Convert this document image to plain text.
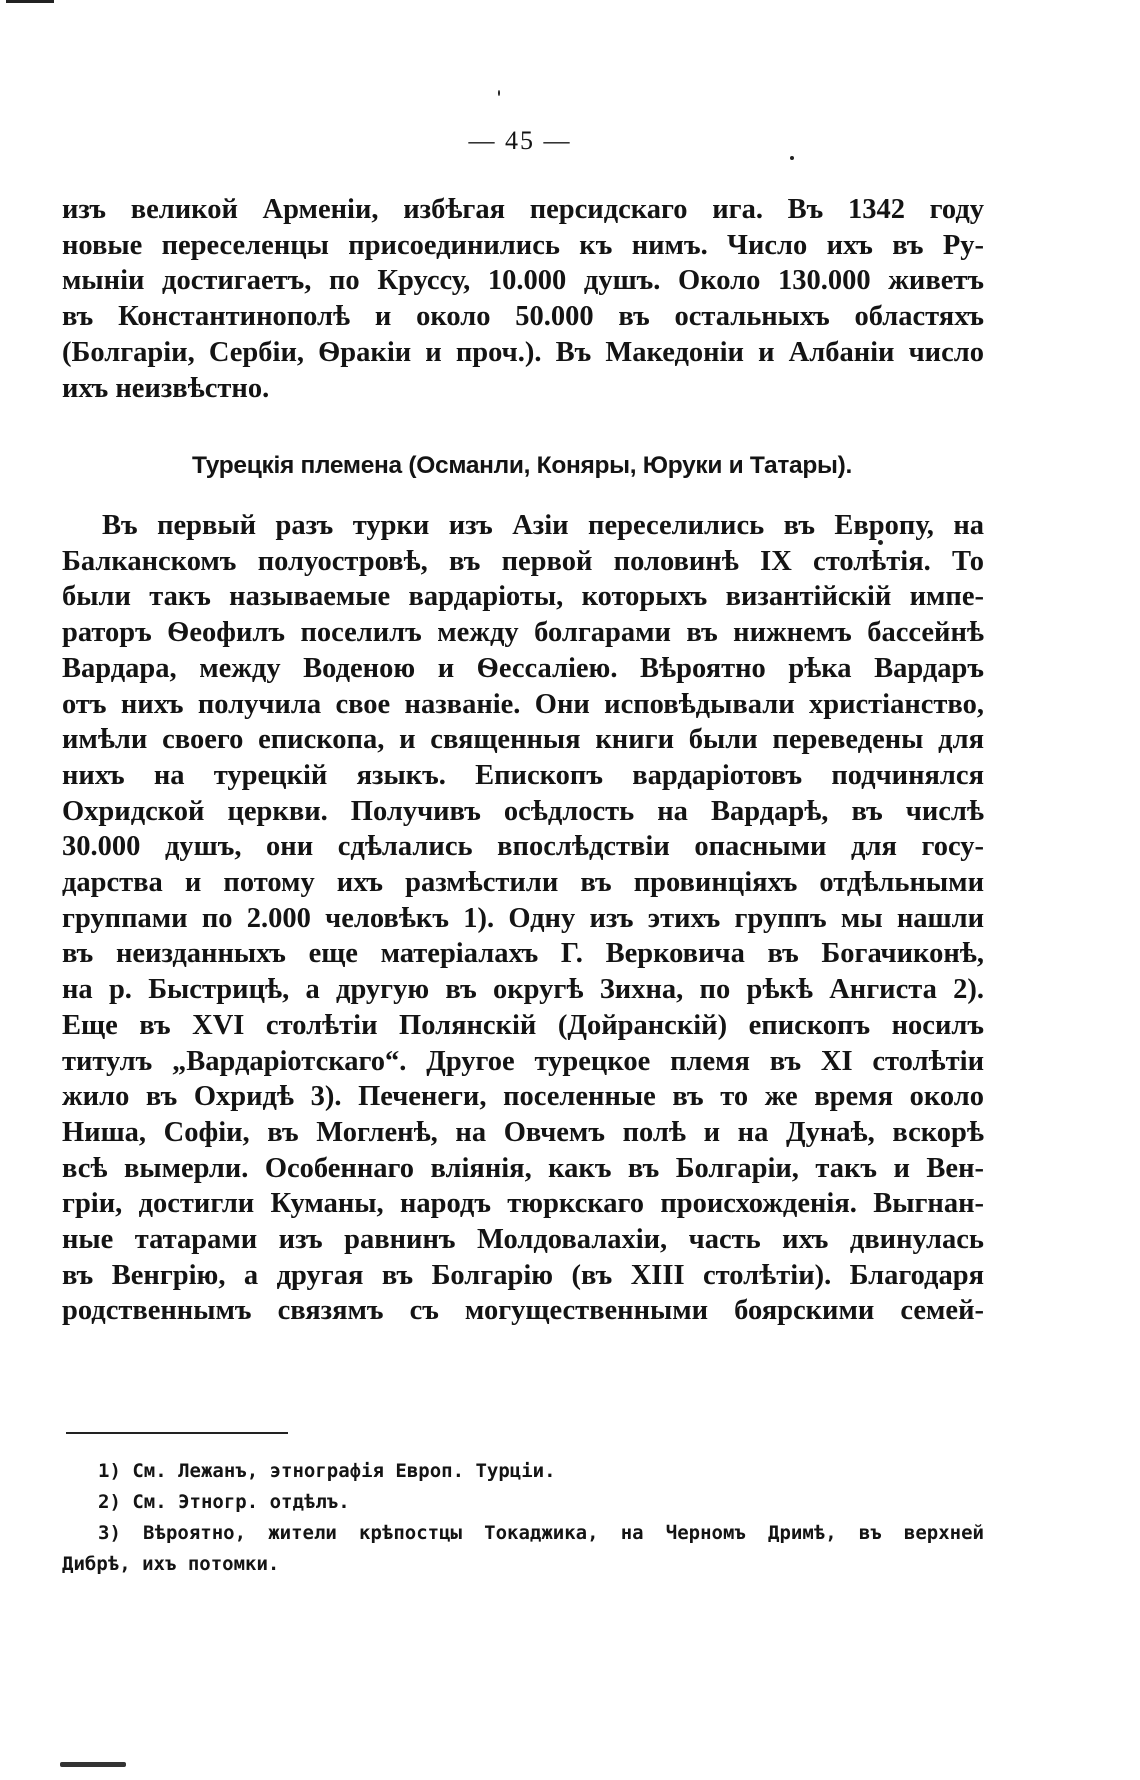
— 45 —
изъ великой Арменіи, избѣгая персидскаго ига. Въ 1342 году
новые переселенцы присоединились къ нимъ. Число ихъ въ Ру-
мыніи достигаетъ, по Круссу, 10.000 душъ. Около 130.000 живетъ
въ Константинополѣ и около 50.000 въ остальныхъ областяхъ
(Болгаріи, Сербіи, Ѳракіи и проч.). Въ Македоніи и Албаніи число
ихъ неизвѣстно.
Турецкія племена (Османли, Коняры, Юруки и Татары).
Въ первый разъ турки изъ Азіи переселились въ Европу, на
Балканскомъ полуостровѣ, въ первой половинѣ IX столѣтія. То
были такъ называемые вардаріоты, которыхъ византійскій импе-
раторъ Ѳеофилъ поселилъ между болгарами въ нижнемъ бассейнѣ
Вардара, между Воденою и Ѳессаліею. Вѣроятно рѣка Вардаръ
отъ нихъ получила свое названіе. Они исповѣдывали христіанство,
имѣли своего епископа, и священныя книги были переведены для
нихъ на турецкій языкъ. Епископъ вардаріотовъ подчинялся
Охридской церкви. Получивъ осѣдлость на Вардарѣ, въ числѣ
30.000 душъ, они сдѣлались впослѣдствіи опасными для госу-
дарства и потому ихъ размѣстили въ провинціяхъ отдѣльными
группами по 2.000 человѣкъ 1). Одну изъ этихъ группъ мы нашли
въ неизданныхъ еще матеріалахъ Г. Верковича въ Богачиконѣ,
на р. Быстрицѣ, а другую въ округѣ Зихна, по рѣкѣ Ангиста 2).
Еще въ XVI столѣтіи Полянскій (Дойранскій) епископъ носилъ
титулъ „Вардаріотскаго“. Другое турецкое племя въ XI столѣтіи
жило въ Охридѣ 3). Печенеги, поселенные въ то же время около
Ниша, Софіи, въ Могленѣ, на Овчемъ полѣ и на Дунаѣ, вскорѣ
всѣ вымерли. Особеннаго вліянія, какъ въ Болгаріи, такъ и Вен-
гріи, достигли Куманы, народъ тюркскаго происхожденія. Выгнан-
ные татарами изъ равнинъ Молдовалахіи, часть ихъ двинулась
въ Венгрію, а другая въ Болгарію (въ XIII столѣтіи). Благодаря
родственнымъ связямъ съ могущественными боярскими семей-
1) См. Лежанъ, этнографія Европ. Турціи.
2) См. Этногр. отдѣлъ.
3) Вѣроятно, жители крѣпостцы Токаджика, на Черномъ Дримѣ, въ верхней
Дибрѣ, ихъ потомки.
